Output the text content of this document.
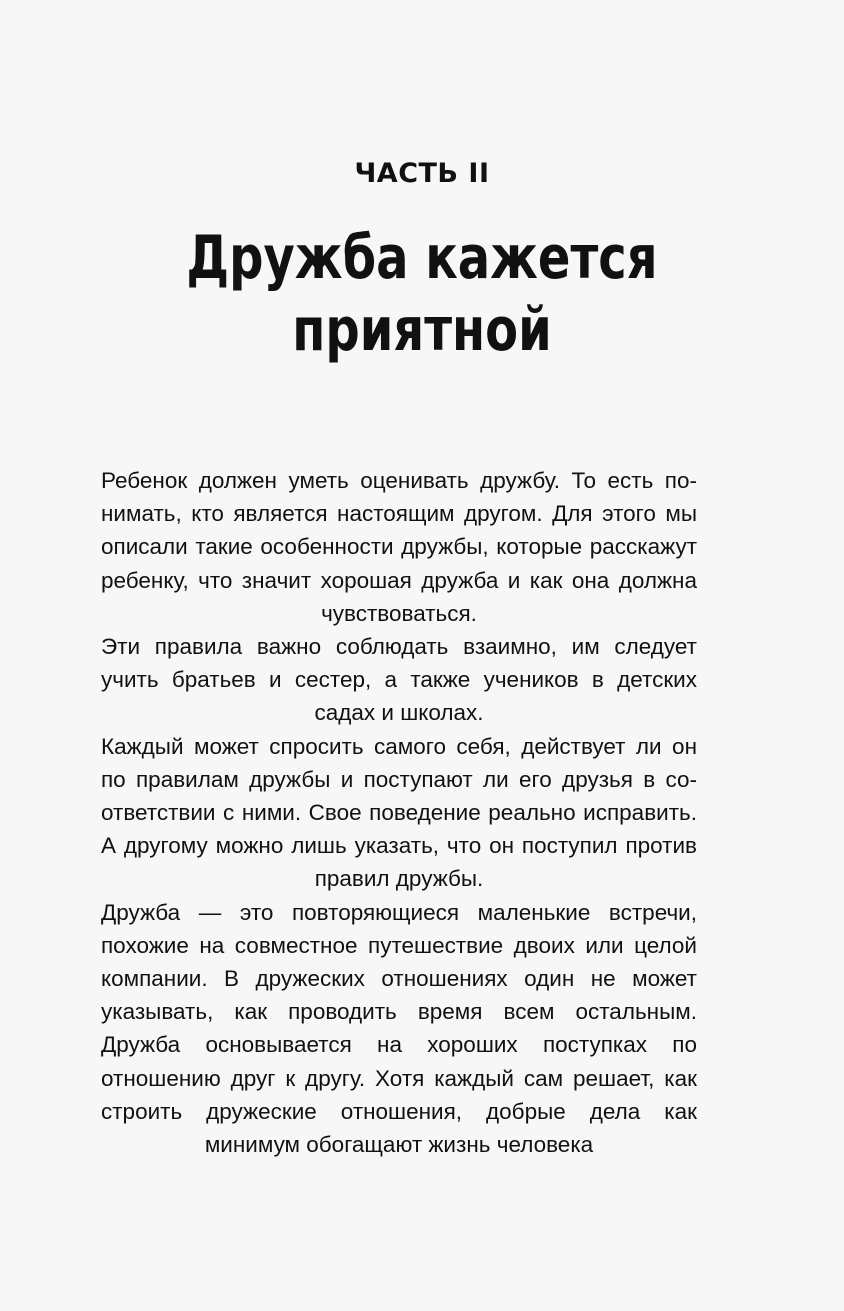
ЧАСТЬ II
Дружба кажется
приятной

Ребенок должен уметь оценивать дружбу. То есть понимать, кто является настоящим другом. Для этого мы описали такие особенности дружбы, которые расскажут ребенку, что значит хорошая дружба и как она должна чувствоваться.

Эти правила важно соблюдать взаимно, им следует учить братьев и сестер, а также учеников в детских садах и школах.

Каждый может спросить самого себя, действует ли он по правилам дружбы и поступают ли его друзья в соответствии с ними. Свое поведение реально исправить. А другому можно лишь указать, что он поступил против правил дружбы.

Дружба — это повторяющиеся маленькие встречи, похожие на совместное путешествие двоих или целой компании. В дружеских отношениях один не может указывать, как проводить время всем остальным. Дружба основывается на хороших поступках по отношению друг к другу. Хотя каждый сам решает, как строить дружеские отношения, добрые дела как минимум обогащают жизнь человека
